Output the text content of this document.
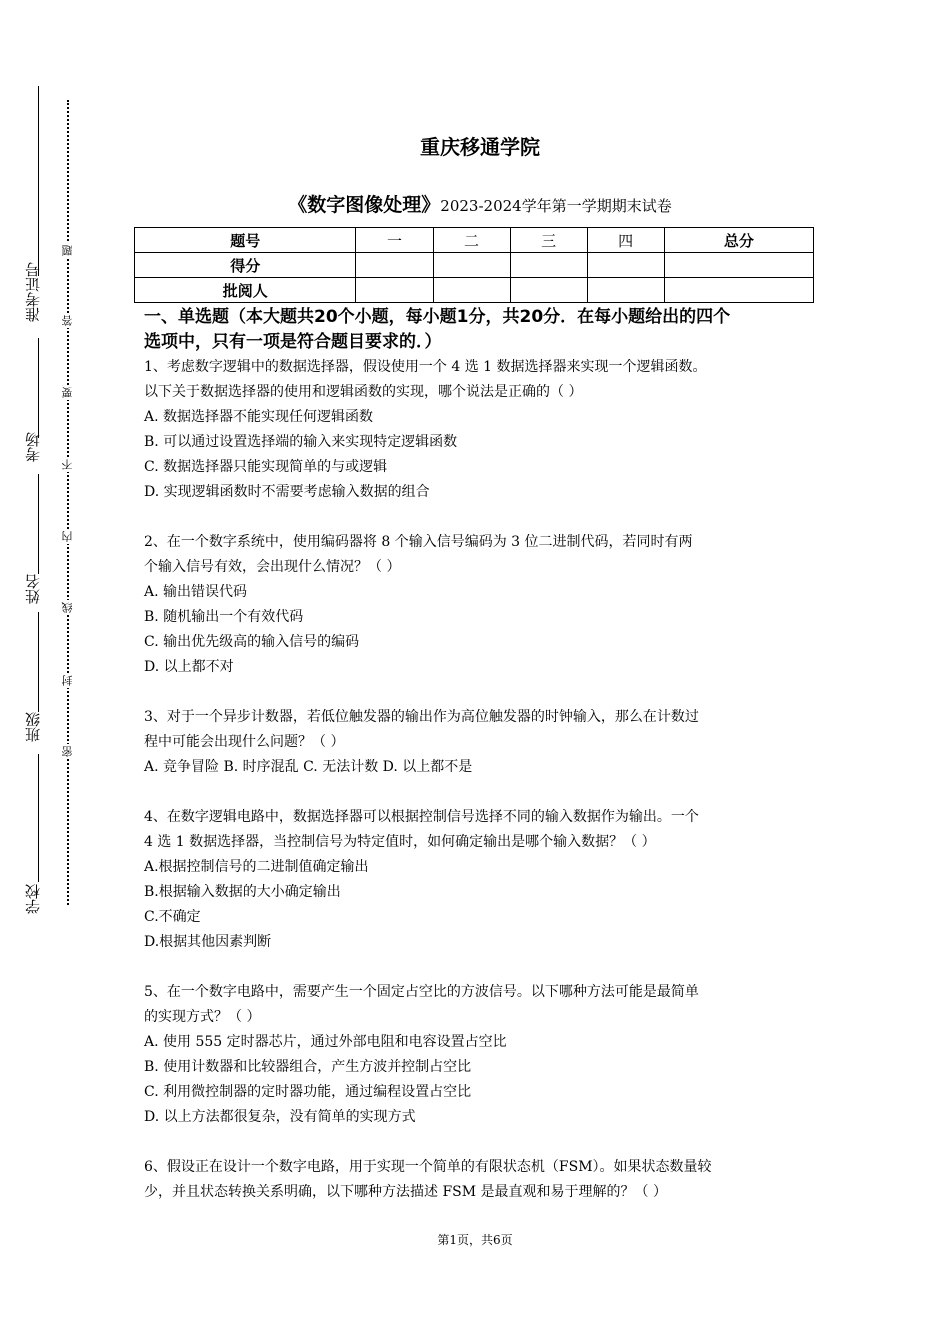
准考证号
考场
姓名
班级
学校
题
答
要
不
内
线
封
密
重庆移通学院
《数字图像处理》2023-2024学年第一学期期末试卷
题号	一	二	三	四	总分
得分					
批阅人					
一、单选题（本大题共20个小题，每小题1分，共20分．在每小题给出的四个
选项中，只有一项是符合题目要求的．）

1、考虑数字逻辑中的数据选择器，假设使用一个 4 选 1 数据选择器来实现一个逻辑函数。

以下关于数据选择器的使用和逻辑函数的实现，哪个说法是正确的（ ）

A. 数据选择器不能实现任何逻辑函数

B. 可以通过设置选择端的输入来实现特定逻辑函数

C. 数据选择器只能实现简单的与或逻辑

D. 实现逻辑函数时不需要考虑输入数据的组合

2、在一个数字系统中，使用编码器将 8 个输入信号编码为 3 位二进制代码，若同时有两

个输入信号有效，会出现什么情况？（ ）

A. 输出错误代码

B. 随机输出一个有效代码

C. 输出优先级高的输入信号的编码

D. 以上都不对

3、对于一个异步计数器，若低位触发器的输出作为高位触发器的时钟输入，那么在计数过

程中可能会出现什么问题？（ ）

A. 竞争冒险 B. 时序混乱 C. 无法计数 D. 以上都不是

4、在数字逻辑电路中，数据选择器可以根据控制信号选择不同的输入数据作为输出。一个

4 选 1 数据选择器，当控制信号为特定值时，如何确定输出是哪个输入数据？（ ）

A.根据控制信号的二进制值确定输出

B.根据输入数据的大小确定输出

C.不确定

D.根据其他因素判断

5、在一个数字电路中，需要产生一个固定占空比的方波信号。以下哪种方法可能是最简单

的实现方式？（ ）

A. 使用 555 定时器芯片，通过外部电阻和电容设置占空比

B. 使用计数器和比较器组合，产生方波并控制占空比

C. 利用微控制器的定时器功能，通过编程设置占空比

D. 以上方法都很复杂，没有简单的实现方式

6、假设正在设计一个数字电路，用于实现一个简单的有限状态机（FSM）。如果状态数量较

少，并且状态转换关系明确，以下哪种方法描述 FSM 是最直观和易于理解的？（ ）

第1页，共6页
